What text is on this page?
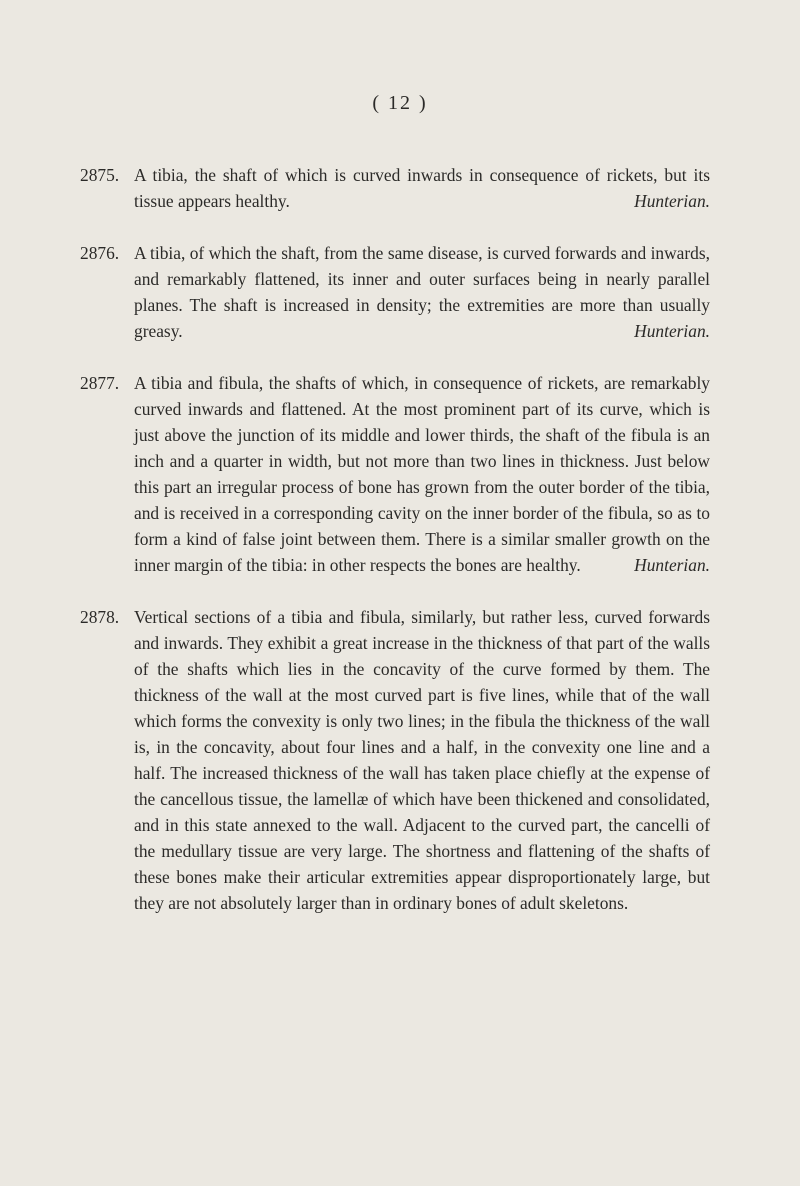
( 12 )
2875. A tibia, the shaft of which is curved inwards in consequence of rickets, but its tissue appears healthy.	Hunterian.
2876. A tibia, of which the shaft, from the same disease, is curved forwards and inwards, and remarkably flattened, its inner and outer surfaces being in nearly parallel planes. The shaft is increased in density; the extremities are more than usually greasy.	Hunterian.
2877. A tibia and fibula, the shafts of which, in consequence of rickets, are remarkably curved inwards and flattened. At the most prominent part of its curve, which is just above the junction of its middle and lower thirds, the shaft of the fibula is an inch and a quarter in width, but not more than two lines in thickness. Just below this part an irregular process of bone has grown from the outer border of the tibia, and is received in a corresponding cavity on the inner border of the fibula, so as to form a kind of false joint between them. There is a similar smaller growth on the inner margin of the tibia: in other respects the bones are healthy.	Hunterian.
2878. Vertical sections of a tibia and fibula, similarly, but rather less, curved forwards and inwards. They exhibit a great increase in the thickness of that part of the walls of the shafts which lies in the concavity of the curve formed by them. The thickness of the wall at the most curved part is five lines, while that of the wall which forms the convexity is only two lines; in the fibula the thickness of the wall is, in the concavity, about four lines and a half, in the convexity one line and a half. The increased thickness of the wall has taken place chiefly at the expense of the cancellous tissue, the lamellæ of which have been thickened and consolidated, and in this state annexed to the wall. Adjacent to the curved part, the cancelli of the medullary tissue are very large. The shortness and flattening of the shafts of these bones make their articular extremities appear disproportionately large, but they are not absolutely larger than in ordinary bones of adult skeletons.
